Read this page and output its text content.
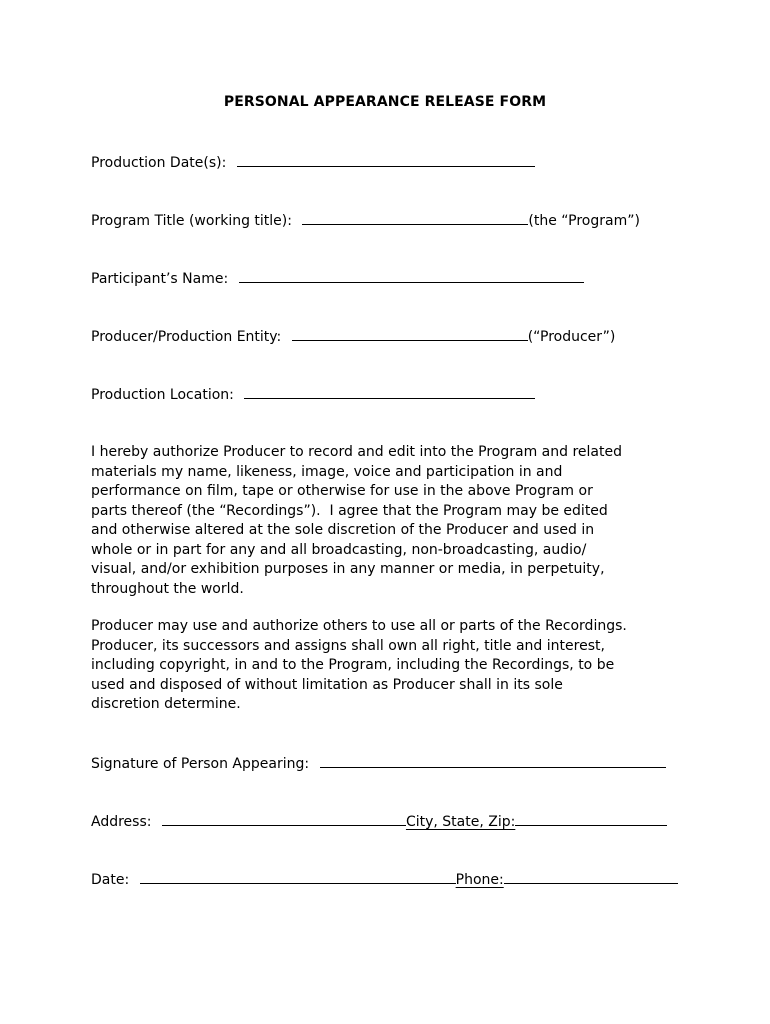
PERSONAL APPEARANCE RELEASE FORM
Production Date(s):
Program Title (working title):	(the “Program”)
Participant’s Name:
Producer/Production Entity:	(“Producer”)
Production Location:

I hereby authorize Producer to record and edit into the Program and related

materials my name, likeness, image, voice and participation in and

performance on film, tape or otherwise for use in the above Program or

parts thereof (the “Recordings”).  I agree that the Program may be edited

and otherwise altered at the sole discretion of the Producer and used in

whole or in part for any and all broadcasting, non-broadcasting, audio/

visual, and/or exhibition purposes in any manner or media, in perpetuity,

throughout the world.

Producer may use and authorize others to use all or parts of the Recordings.

Producer, its successors and assigns shall own all right, title and interest,

including copyright, in and to the Program, including the Recordings, to be

used and disposed of without limitation as Producer shall in its sole

discretion determine.

Signature of Person Appearing:
Address:	City, State, Zip:
Date:	Phone:
